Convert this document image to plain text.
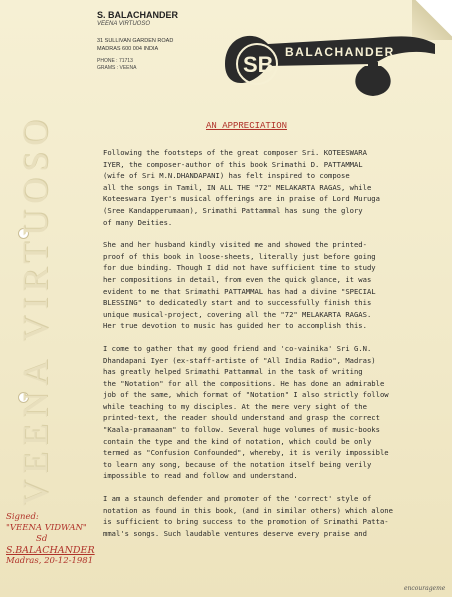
VEENA VIRTUOSO
S. BALACHANDER
VEENA VIRTUOSO
31 SULLIVAN GARDEN ROAD
MADRAS 600 004 INDIA
PHONE : 71713
GRAMS : VEENA	SB BALACHANDER
AN APPRECIATION
Following the footsteps of the great composer Sri. KOTEESWARA
IYER, the composer-author of this book Srimathi D. PATTAMMAL
(wife of Sri M.N.DHANDAPANI) has felt inspired to compose
all the songs in Tamil, IN ALL THE "72" MELAKARTA RAGAS, while
Koteeswara Iyer's musical offerings are in praise of Lord Muruga
(Sree Kandapperumaan), Srimathi Pattammal has sung the glory
of many Deities.
She and her husband kindly visited me and showed the printed-
proof of this book in loose-sheets, literally just before going
for due binding. Though I did not have sufficient time to study
her compositions in detail, from even the quick glance, it was
evident to me that Srimathi PATTAMMAL has had a divine "SPECIAL
BLESSING" to dedicatedly start and to successfully finish this
unique musical-project, covering all the "72" MELAKARTA RAGAS.
Her true devotion to music has guided her to accomplish this.
I come to gather that my good friend and 'co-vainika' Sri G.N.
Dhandapani Iyer (ex-staff-artiste of "All India Radio", Madras)
has greatly helped Srimathi Pattammal in the task of writing
the "Notation" for all the compositions. He has done an admirable
job of the same, which format of "Notation" I also strictly follow
while teaching to my disciples. At the mere very sight of the
printed-text, the reader should understand and grasp the correct
"Kaala-pramaanam" to follow. Several huge volumes of music-books
contain the type and the kind of notation, which could be only
termed as "Confusion Confounded", whereby, it is verily impossible
to learn any song, because of the notation itself being verily
impossible to read and follow and understand.
I am a staunch defender and promoter of the 'correct' style of
notation as found in this book, (and in similar others) which alone
is sufficient to bring success to the promotion of Srimathi Patta-
mmal's songs. Such laudable ventures deserve every praise and
Signed:
"VEENA VIDWAN"
Sd
S.BALACHANDER
Madras, 20-12-1981
encourageme
